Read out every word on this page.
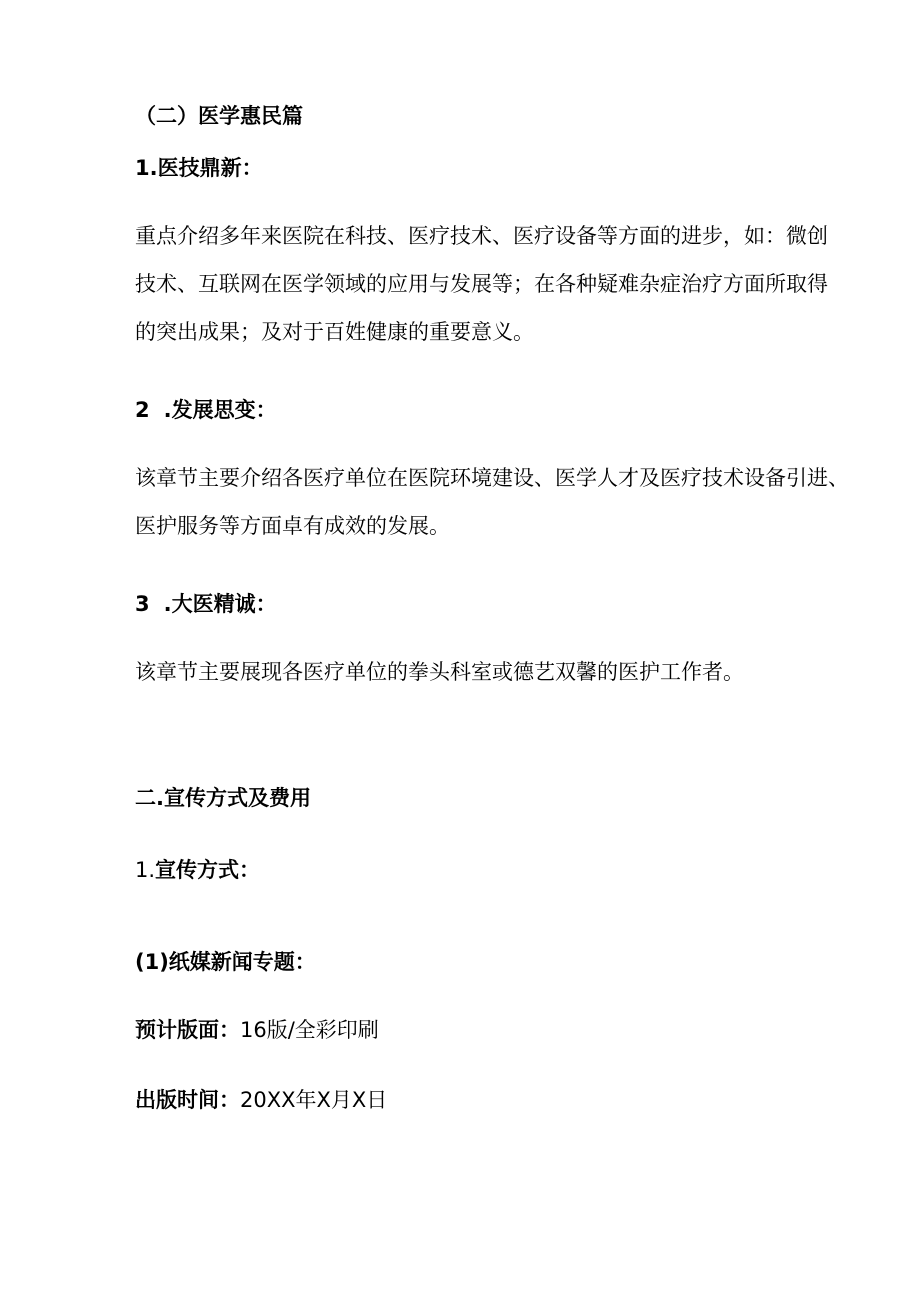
（二）医学惠民篇
1.医技鼎新：
重点介绍多年来医院在科技、医疗技术、医疗设备等方面的进步，如：微创
技术、互联网在医学领域的应用与发展等；在各种疑难杂症治疗方面所取得
的突出成果；及对于百姓健康的重要意义。
2 .发展思变：
该章节主要介绍各医疗单位在医院环境建设、医学人才及医疗技术设备引进、
医护服务等方面卓有成效的发展。
3 .大医精诚：
该章节主要展现各医疗单位的拳头科室或德艺双馨的医护工作者。
二.宣传方式及费用
1.宣传方式：
(1)纸媒新闻专题：
预计版面：16版/全彩印刷
出版时间：20XX年X月X日
